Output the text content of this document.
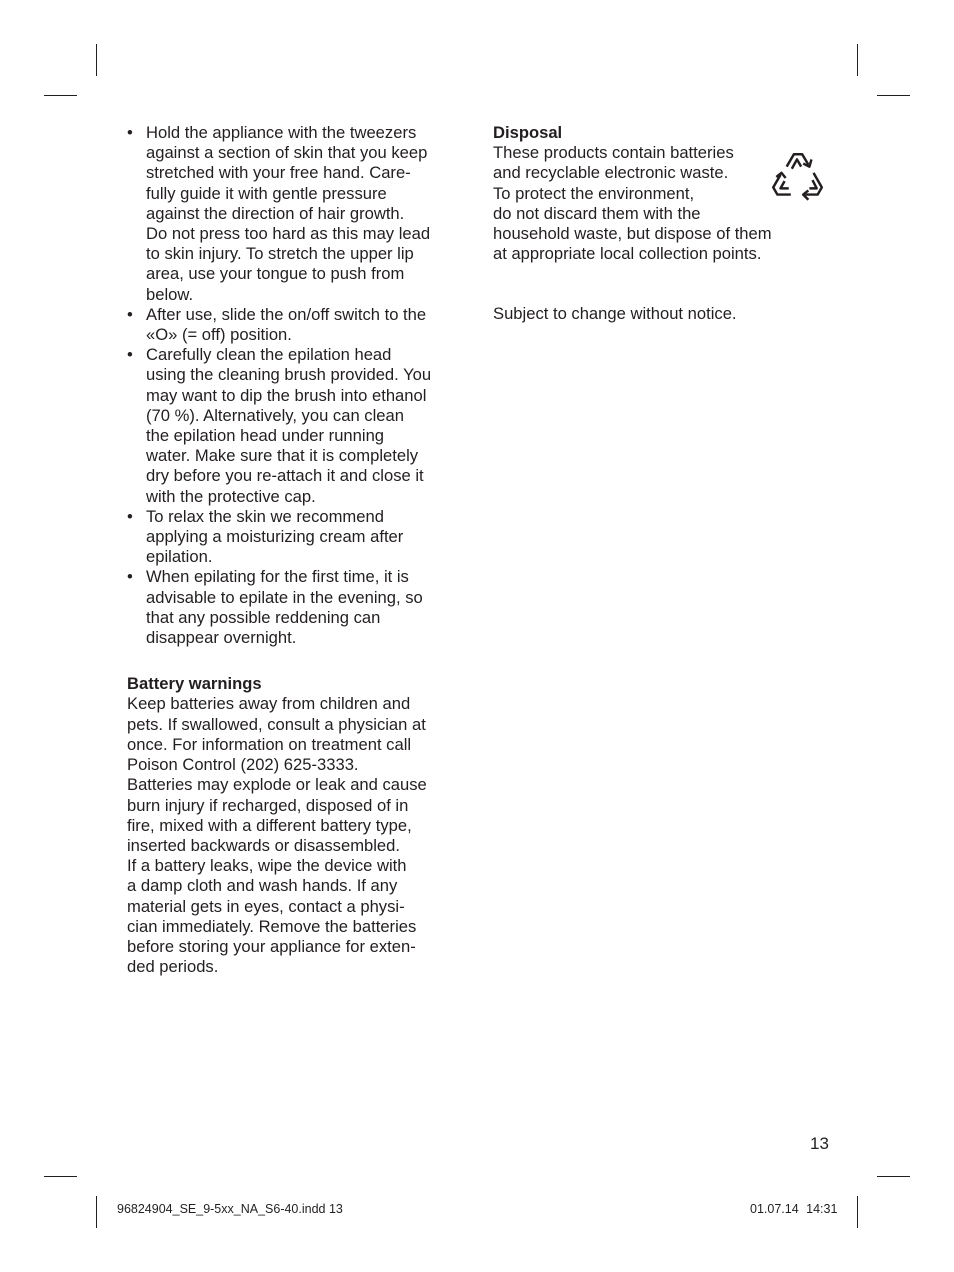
• Hold the appliance with the tweezers
against a section of skin that you keep
stretched with your free hand. Care-
fully guide it with gentle pressure
against the direction of hair growth.
Do not press too hard as this may lead
to skin injury. To stretch the upper lip
area, use your tongue to push from
below.
• After use, slide the on/off switch to the
«O» (= off) position.
• Carefully clean the epilation head
using the cleaning brush provided. You
may want to dip the brush into ethanol
(70 %). Alternatively, you can clean
the epilation head under running
water. Make sure that it is completely
dry before you re-attach it and close it
with the protective cap.
• To relax the skin we recommend
applying a moisturizing cream after
epilation.
• When epilating for the first time, it is
advisable to epilate in the evening, so
that any possible reddening can
disappear overnight.
Battery warnings

Keep batteries away from children and
pets. If swallowed, consult a physician at
once. For information on treatment call
Poison Control (202) 625-3333.
Batteries may explode or leak and cause
burn injury if recharged, disposed of in
fire, mixed with a different battery type,
inserted backwards or disassembled.
If a battery leaks, wipe the device with
a damp cloth and wash hands. If any
material gets in eyes, contact a physi-
cian immediately. Remove the batteries
before storing your appliance for exten-
ded periods.

Disposal

These products contain batteries
and recyclable electronic waste.
To protect the environment,
do not discard them with the
household waste, but dispose of them
at appropriate local collection points.

Subject to change without notice.

13
96824904_SE_9-5xx_NA_S6-40.indd 13	01.07.14 14:31
